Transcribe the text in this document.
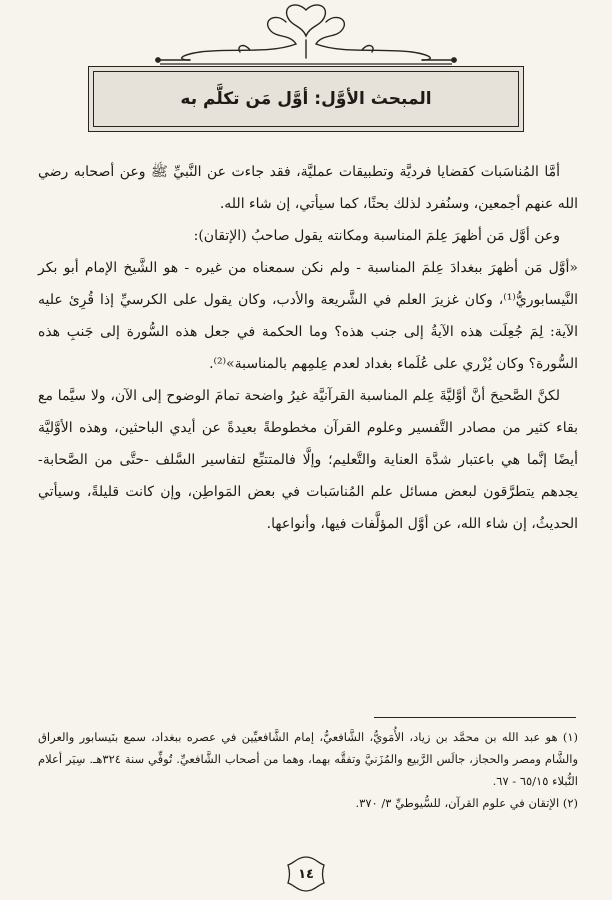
المبحث الأوَّل: أوَّل مَن تكلَّم به

أمَّا المُناسَبات كقضايا فرديَّة وتطبيقات عمليَّة، فقد جاءت عن النَّبيِّ ﷺ وعن أصحابه رضي الله عنهم أجمعين، وسنُفرد لذلك بحثًا، كما سيأتي، إن شاء الله.

وعن أوَّل مَن أظهرَ عِلمَ المناسبة ومكانته يقول صاحبُ (الإتقان):

«أوَّل مَن أظهرَ ببغدادَ عِلمَ المناسبة - ولم نكن سمعناه من غيره - هو الشَّيخ الإمام أبو بكر النَّيسابوريُّ⁽¹⁾، وكان غزيرَ العلم في الشَّريعة والأدب، وكان يقول على الكرسيِّ إذا قُرِئ عليه الآية: لِمَ جُعِلَت هذه الآيةُ إلى جنب هذه؟ وما الحكمة في جعل هذه السُّورة إلى جَنبِ هذه السُّورة؟ وكان يُزْري على عُلَماء بغداد لعدم عِلمِهم بالمناسبة»⁽²⁾.

لكنَّ الصَّحيحَ أنَّ أوَّليَّةَ عِلم المناسبة القرآنيَّة غيرُ واضحة تمامَ الوضوح إلى الآن، ولا سيَّما مع بقاء كثير من مصادر التَّفسير وعلوم القرآن مخطوطةً بعيدةً عن أيدي الباحثين، وهذه الأوَّليَّة أيضًا إنَّما هي باعتبار شدَّة العناية والتَّعليم؛ وإلَّا فالمتتبِّع لتفاسير السَّلف -حتَّى من الصَّحابة- يجدهم يتطرَّقون لبعض مسائل علم المُناسَبات في بعض المَواطِن، وإن كانت قليلةً، وسيأتي الحديثُ، إن شاء الله، عن أوَّل المؤلَّفات فيها، وأنواعها.

(١) هو عبد الله بن محمَّد بن زياد، الأُمَويُّ، الشَّافعيُّ، إمام الشَّافعيِّين في عصره ببغداد، سمع بنَيسابور والعراق والشَّام ومصر والحجاز، جالَس الرَّبيع والمُزَنيَّ وتفقَّه بهما، وهما من أصحاب الشَّافعيِّ. تُوفِّي سنة ٣٢٤هـ. سِيَر أعلام النُّبلاء ٦٥/١٥ - ٦٧.

(٢) الإتقان في علوم القرآن، للسُّيوطيِّ ٣/ ٣٧٠.

١٤
